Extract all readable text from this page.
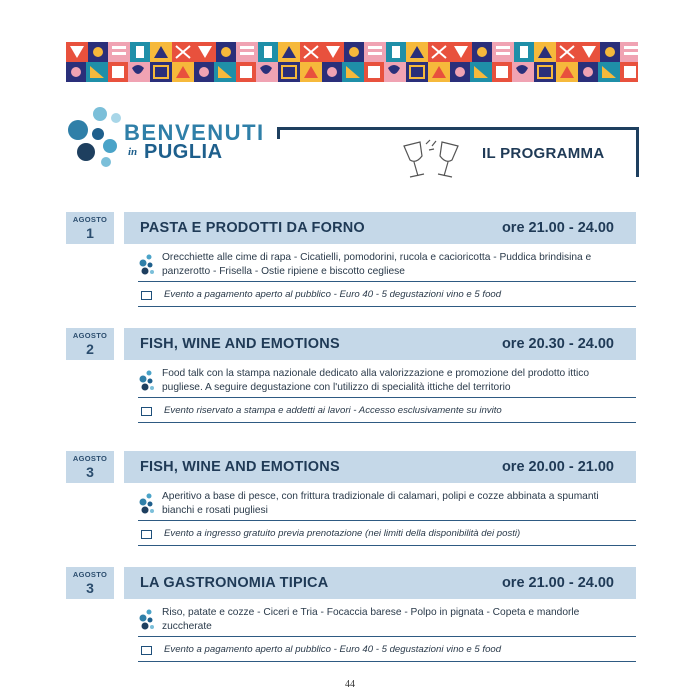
BENVENUTI
in PUGLIA	IL PROGRAMMA
AGOSTO
1	PASTA E PRODOTTI DA FORNO	ore 21.00 - 24.00
Orecchiette alle cime di rapa - Cicatielli, pomodorini, rucola e cacioricotta - Puddica brindisina e panzerotto - Frisella - Ostie ripiene e biscotto cegliese
Evento a pagamento aperto al pubblico - Euro 40 - 5 degustazioni vino e 5 food
AGOSTO
2	FISH, WINE AND EMOTIONS	ore 20.30 - 24.00
Food talk con la stampa nazionale dedicato alla valorizzazione e promozione del prodotto ittico pugliese. A seguire degustazione con l'utilizzo di specialità ittiche del territorio
Evento riservato a stampa e addetti ai lavori - Accesso esclusivamente su invito
AGOSTO
3	FISH, WINE AND EMOTIONS	ore 20.00 - 21.00
Aperitivo a base di pesce, con frittura tradizionale di calamari, polipi e cozze abbinata a spumanti bianchi e rosati pugliesi
Evento a ingresso gratuito previa prenotazione (nei limiti della disponibilità dei posti)
AGOSTO
3	LA GASTRONOMIA TIPICA	ore 21.00 - 24.00
Riso, patate e cozze - Ciceri e Tria - Focaccia barese - Polpo in pignata - Copeta e mandorle zuccherate
Evento a pagamento aperto al pubblico - Euro 40 - 5 degustazioni vino e 5 food
44
